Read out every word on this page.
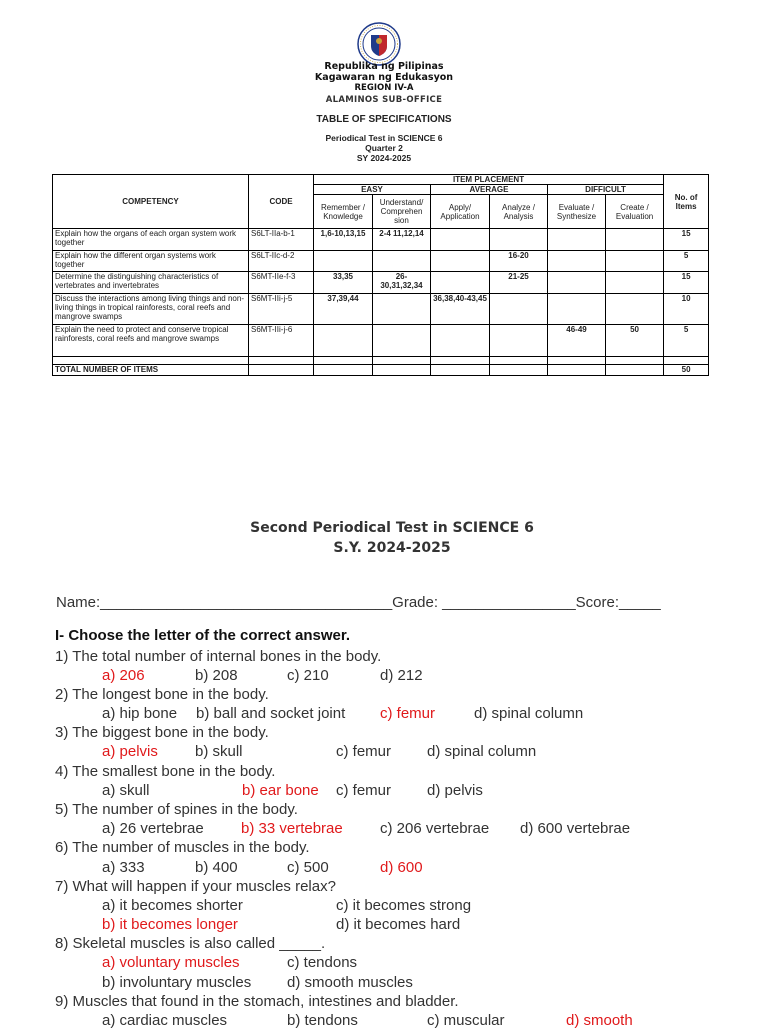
Republika ng Pilipinas
Kagawaran ng Edukasyon
REGION IV-A
ALAMINOS SUB-OFFICE
TABLE OF SPECIFICATIONS
Periodical Test in SCIENCE 6
Quarter 2
SY 2024-2025
COMPETENCY	CODE	ITEM PLACEMENT						No. of Items
		EASY		AVERAGE		DIFFICULT		
		Remember / Knowledge	Understand/ Comprehen sion	Apply/ Application	Analyze / Analysis	Evaluate / Synthesize	Create / Evaluation	
Explain how the organs of each organ system work together	S6LT-IIa-b-1	1,6-10,13,15	2-4 11,12,14					15
Explain how the different organ systems work together	S6LT-IIc-d-2				16-20			5
Determine the distinguishing characteristics of vertebrates and invertebrates	S6MT-IIe-f-3	33,35	26-30,31,32,34		21-25			15
Discuss the interactions among living things and non-living things in tropical rainforests, coral reefs and mangrove swamps	S6MT-IIi-j-5	37,39,44		36,38,40-43,45				10
Explain the need to protect and conserve tropical rainforests, coral reefs and mangrove swamps	S6MT-IIi-j-6					46-49	50	5

TOTAL NUMBER OF ITEMS								50
Second Periodical Test in SCIENCE 6
S.Y. 2024-2025
Name:___________________________________Grade: ________________Score:_____
I- Choose the letter of the correct answer.
1) The total number of internal bones in the body.
a) 206	b) 208	c) 210	d) 212
2) The longest bone in the body.
a) hip bone b) ball and socket joint c) femur	d) spinal column
3) The biggest bone in the body.
a) pelvis b) skull	c) femur d) spinal column
4) The smallest bone in the body.
a) skull	b) ear bone c) femur d) pelvis
5) The number of spines in the body.
a) 26 vertebrae b) 33 vertebrae c) 206 vertebrae d) 600 vertebrae
6) The number of muscles in the body.
a) 333	b) 400	c) 500	d) 600
7) What will happen if your muscles relax?
a) it becomes shorter	c) it becomes strong
b) it becomes longer	d) it becomes hard
8) Skeletal muscles is also called _____.
a) voluntary muscles	c) tendons
b) involuntary muscles d) smooth muscles
9) Muscles that found in the stomach, intestines and bladder.
a) cardiac muscles	b) tendons	c) muscular	d) smooth
